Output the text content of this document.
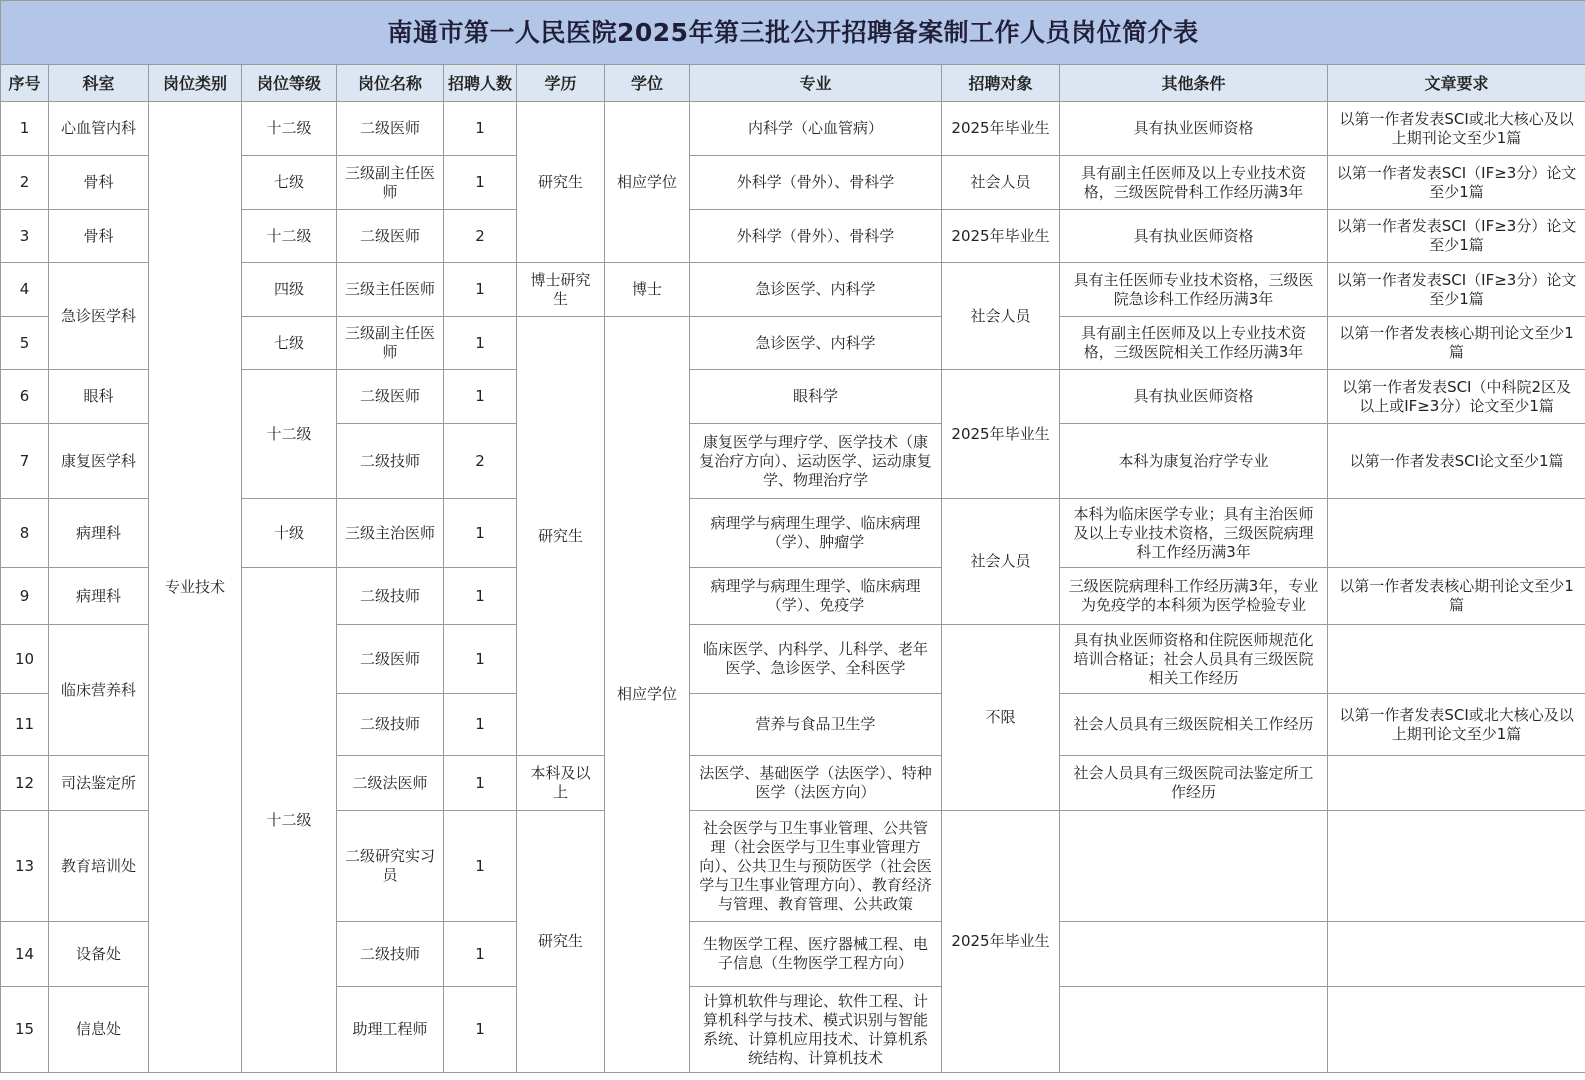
南通市第一人民医院2025年第三批公开招聘备案制工作人员岗位简介表											
序号	科室	岗位类别	岗位等级	岗位名称	招聘人数	学历	学位	专业	招聘对象	其他条件	文章要求
1	心血管内科	专业技术	十二级	二级医师	1	研究生	相应学位	内科学（心血管病）	2025年毕业生	具有执业医师资格	以第一作者发表SCI或北大核心及以上期刊论文至少1篇
2	骨科		七级	三级副主任医师	1			外科学（骨外）、骨科学	社会人员	具有副主任医师及以上专业技术资格，三级医院骨科工作经历满3年	以第一作者发表SCI（IF≥3分）论文至少1篇
3	骨科		十二级	二级医师	2			外科学（骨外）、骨科学	2025年毕业生	具有执业医师资格	以第一作者发表SCI（IF≥3分）论文至少1篇
4	急诊医学科		四级	三级主任医师	1	博士研究生	博士	急诊医学、内科学	社会人员	具有主任医师专业技术资格，三级医院急诊科工作经历满3年	以第一作者发表SCI（IF≥3分）论文至少1篇
5			七级	三级副主任医师	1	研究生	相应学位	急诊医学、内科学		具有副主任医师及以上专业技术资格，三级医院相关工作经历满3年	以第一作者发表核心期刊论文至少1篇
6	眼科		十二级	二级医师	1			眼科学	2025年毕业生	具有执业医师资格	以第一作者发表SCI（中科院2区及以上或IF≥3分）论文至少1篇
7	康复医学科			二级技师	2			康复医学与理疗学、医学技术（康复治疗方向）、运动医学、运动康复学、物理治疗学		本科为康复治疗学专业	以第一作者发表SCI论文至少1篇
8	病理科		十级	三级主治医师	1			病理学与病理生理学、临床病理（学）、肿瘤学	社会人员	本科为临床医学专业；具有主治医师及以上专业技术资格，三级医院病理科工作经历满3年	
9	病理科		十二级	二级技师	1			病理学与病理生理学、临床病理（学）、免疫学		三级医院病理科工作经历满3年，专业为免疫学的本科须为医学检验专业	以第一作者发表核心期刊论文至少1篇
10	临床营养科			二级医师	1			临床医学、内科学、儿科学、老年医学、急诊医学、全科医学	不限	具有执业医师资格和住院医师规范化培训合格证；社会人员具有三级医院相关工作经历	
11				二级技师	1			营养与食品卫生学		社会人员具有三级医院相关工作经历	以第一作者发表SCI或北大核心及以上期刊论文至少1篇
12	司法鉴定所			二级法医师	1	本科及以上		法医学、基础医学（法医学）、特种医学（法医方向）		社会人员具有三级医院司法鉴定所工作经历	
13	教育培训处			二级研究实习员	1	研究生		社会医学与卫生事业管理、公共管理（社会医学与卫生事业管理方向）、公共卫生与预防医学（社会医学与卫生事业管理方向）、教育经济与管理、教育管理、公共政策	2025年毕业生		
14	设备处			二级技师	1			生物医学工程、医疗器械工程、电子信息（生物医学工程方向）			
15	信息处			助理工程师	1			计算机软件与理论、软件工程、计算机科学与技术、模式识别与智能系统、计算机应用技术、计算机系统结构、计算机技术			
